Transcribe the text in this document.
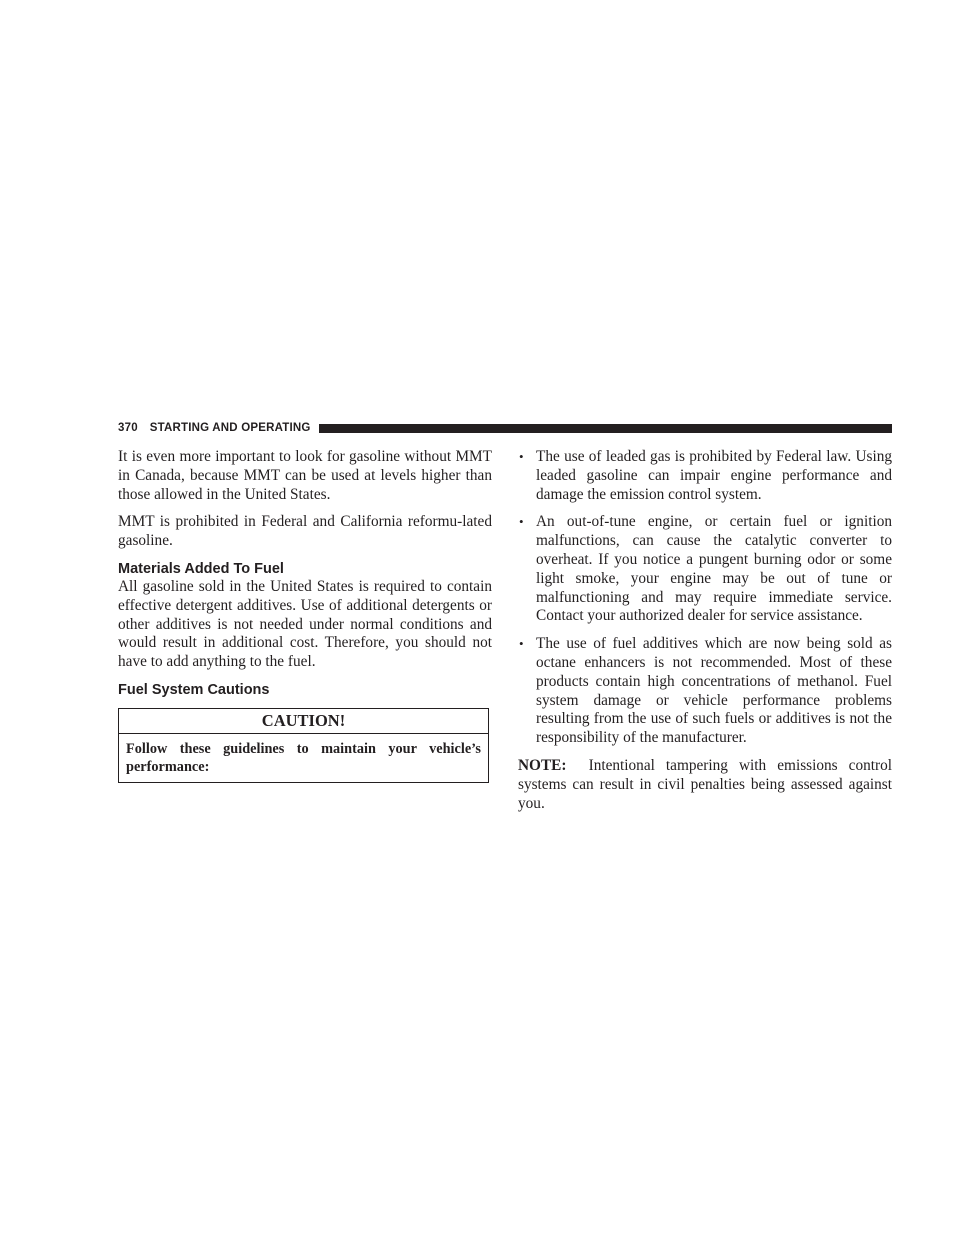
370 STARTING AND OPERATING

It is even more important to look for gasoline without MMT in Canada, because MMT can be used at levels higher than those allowed in the United States.

MMT is prohibited in Federal and California reformu-lated gasoline.

Materials Added To Fuel

All gasoline sold in the United States is required to contain effective detergent additives. Use of additional detergents or other additives is not needed under normal conditions and would result in additional cost. Therefore, you should not have to add anything to the fuel.

Fuel System Cautions
CAUTION!
Follow these guidelines to maintain your vehicle’s performance:
• The use of leaded gas is prohibited by Federal law. Using leaded gasoline can impair engine performance and damage the emission control system.
• An out-of-tune engine, or certain fuel or ignition malfunctions, can cause the catalytic converter to overheat. If you notice a pungent burning odor or some light smoke, your engine may be out of tune or malfunctioning and may require immediate service. Contact your authorized dealer for service assistance.
• The use of fuel additives which are now being sold as octane enhancers is not recommended. Most of these products contain high concentrations of methanol. Fuel system damage or vehicle performance problems resulting from the use of such fuels or additives is not the responsibility of the manufacturer.

NOTE: Intentional tampering with emissions control systems can result in civil penalties being assessed against you.
